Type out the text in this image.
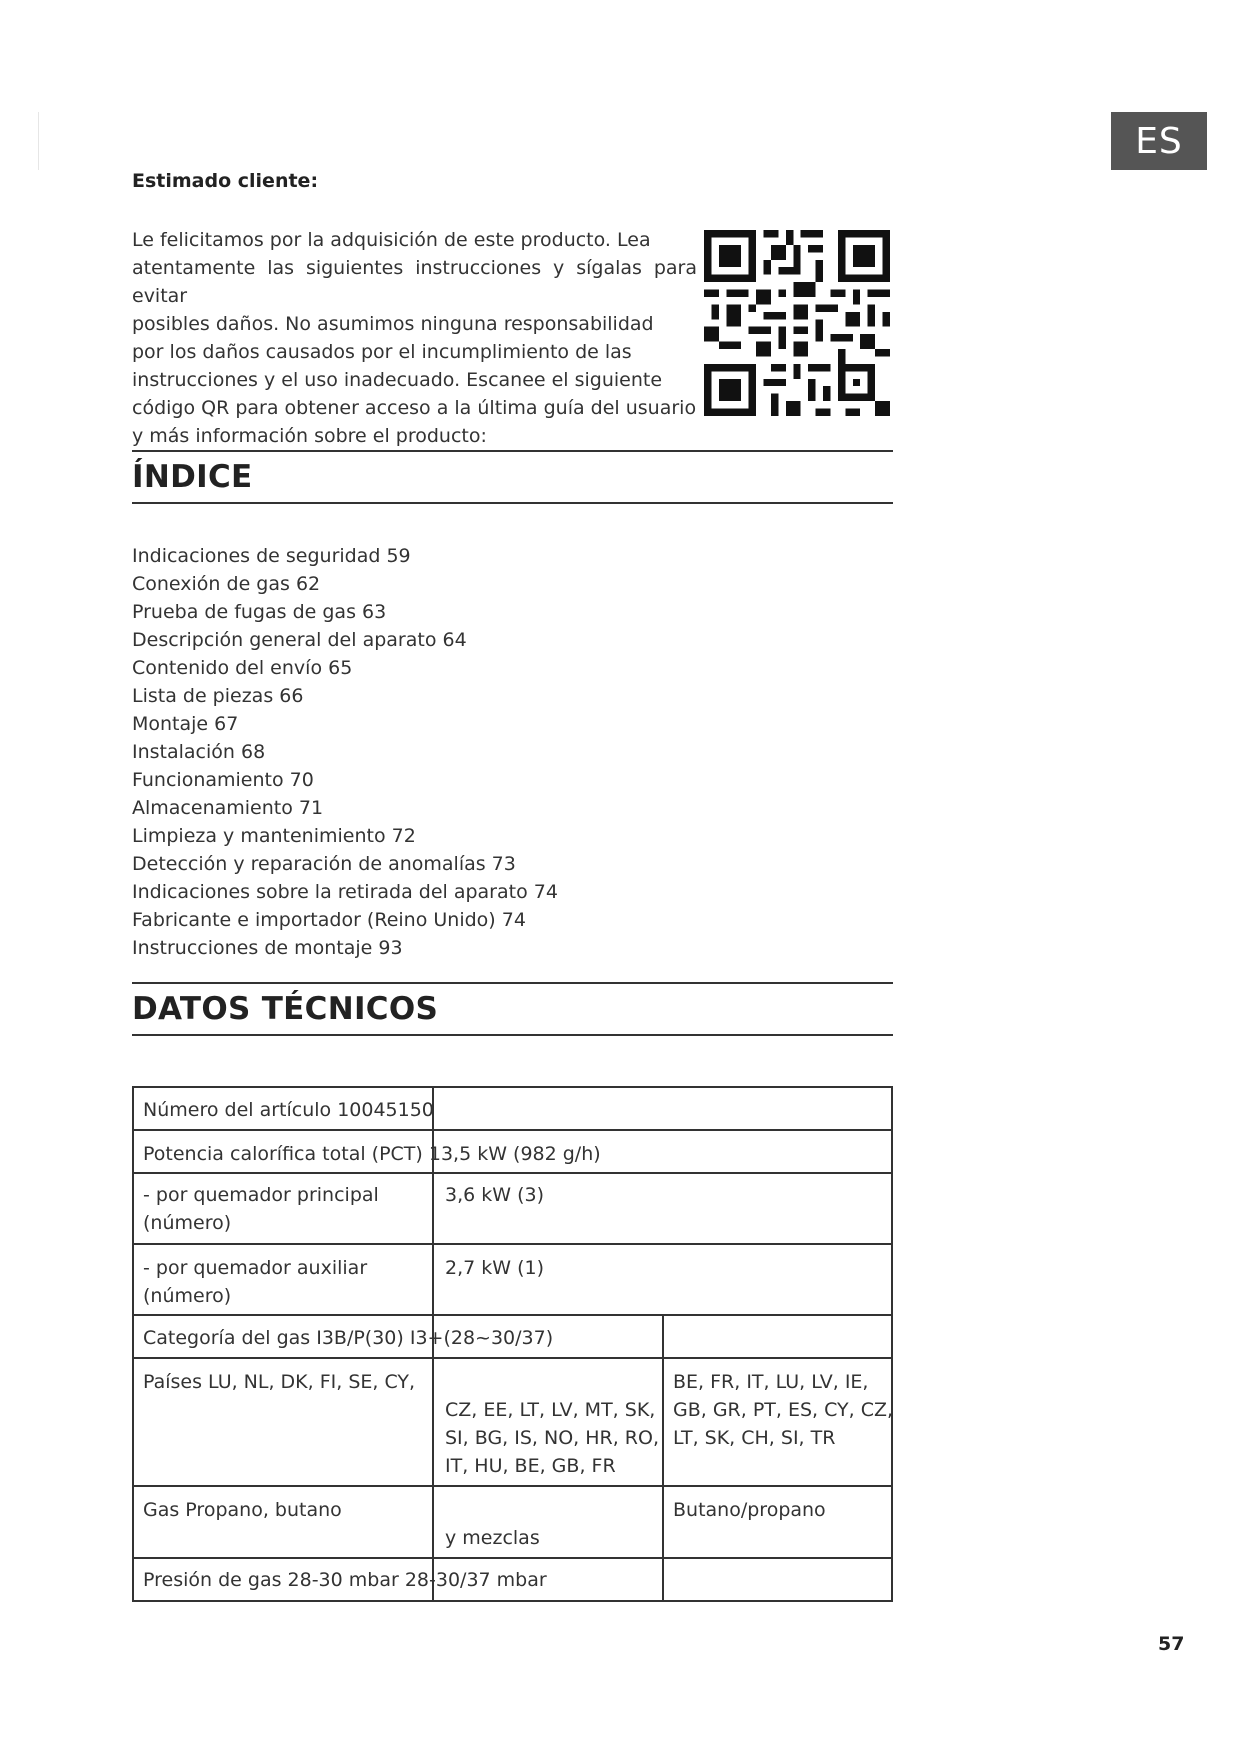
ES
Estimado cliente:
Le felicitamos por la adquisición de este producto. Lea
atentamente las siguientes instrucciones y sígalas para evitar
posibles daños. No asumimos ninguna responsabilidad
por los daños causados por el incumplimiento de las
instrucciones y el uso inadecuado. Escanee el siguiente
código QR para obtener acceso a la última guía del usuario
y más información sobre el producto:
ÍNDICE
Indicaciones de seguridad 59
Conexión de gas 62
Prueba de fugas de gas 63
Descripción general del aparato 64
Contenido del envío 65
Lista de piezas 66
Montaje 67
Instalación 68
Funcionamiento 70
Almacenamiento 71
Limpieza y mantenimiento 72
Detección y reparación de anomalías 73
Indicaciones sobre la retirada del aparato 74
Fabricante e importador (Reino Unido) 74
Instrucciones de montaje 93
DATOS TÉCNICOS
Número del artículo 10045150
Potencia calorífica total (PCT) 13,5 kW (982 g/h)
- por quemador principal
(número)
3,6 kW (3)
- por quemador auxiliar
(número)
2,7 kW (1)
Categoría del gas I3B/P(30) I3+(28~30/37)
Países LU, NL, DK, FI, SE, CY,
CZ, EE, LT, LV, MT, SK,
SI, BG, IS, NO, HR, RO,
IT, HU, BE, GB, FR
BE, FR, IT, LU, LV, IE,
GB, GR, PT, ES, CY, CZ,
LT, SK, CH, SI, TR
Gas Propano, butano
y mezclas
Butano/propano
Presión de gas 28-30 mbar 28-30/37 mbar
57
